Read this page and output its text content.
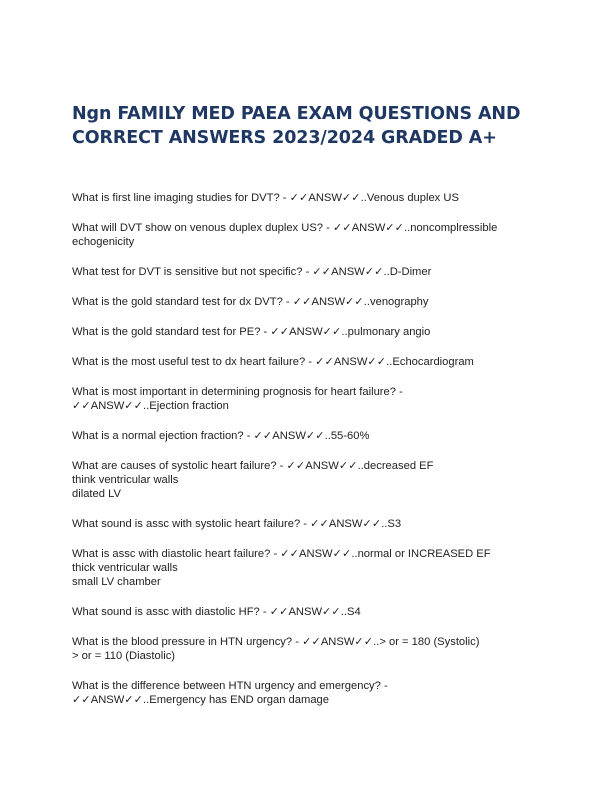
Ngn FAMILY MED PAEA EXAM QUESTIONS AND CORRECT ANSWERS 2023/2024 GRADED A+

What is first line imaging studies for DVT? - ✓✓ANSW✓✓..Venous duplex US

What will DVT show on venous duplex duplex US? - ✓✓ANSW✓✓..noncomplressible echogenicity

What test for DVT is sensitive but not specific? - ✓✓ANSW✓✓..D-Dimer

What is the gold standard test for dx DVT? - ✓✓ANSW✓✓..venography

What is the gold standard test for PE? - ✓✓ANSW✓✓..pulmonary angio

What is the most useful test to dx heart failure? - ✓✓ANSW✓✓..Echocardiogram

What is most important in determining prognosis for heart failure? -
✓✓ANSW✓✓..Ejection fraction

What is a normal ejection fraction? - ✓✓ANSW✓✓..55-60%

What are causes of systolic heart failure? - ✓✓ANSW✓✓..decreased EF
think ventricular walls
dilated LV

What sound is assc with systolic heart failure? - ✓✓ANSW✓✓..S3

What is assc with diastolic heart failure? - ✓✓ANSW✓✓..normal or INCREASED EF
thick ventricular walls
small LV chamber

What sound is assc with diastolic HF? - ✓✓ANSW✓✓..S4

What is the blood pressure in HTN urgency? - ✓✓ANSW✓✓..> or = 180 (Systolic)
> or = 110 (Diastolic)

What is the difference between HTN urgency and emergency? -
✓✓ANSW✓✓..Emergency has END organ damage
